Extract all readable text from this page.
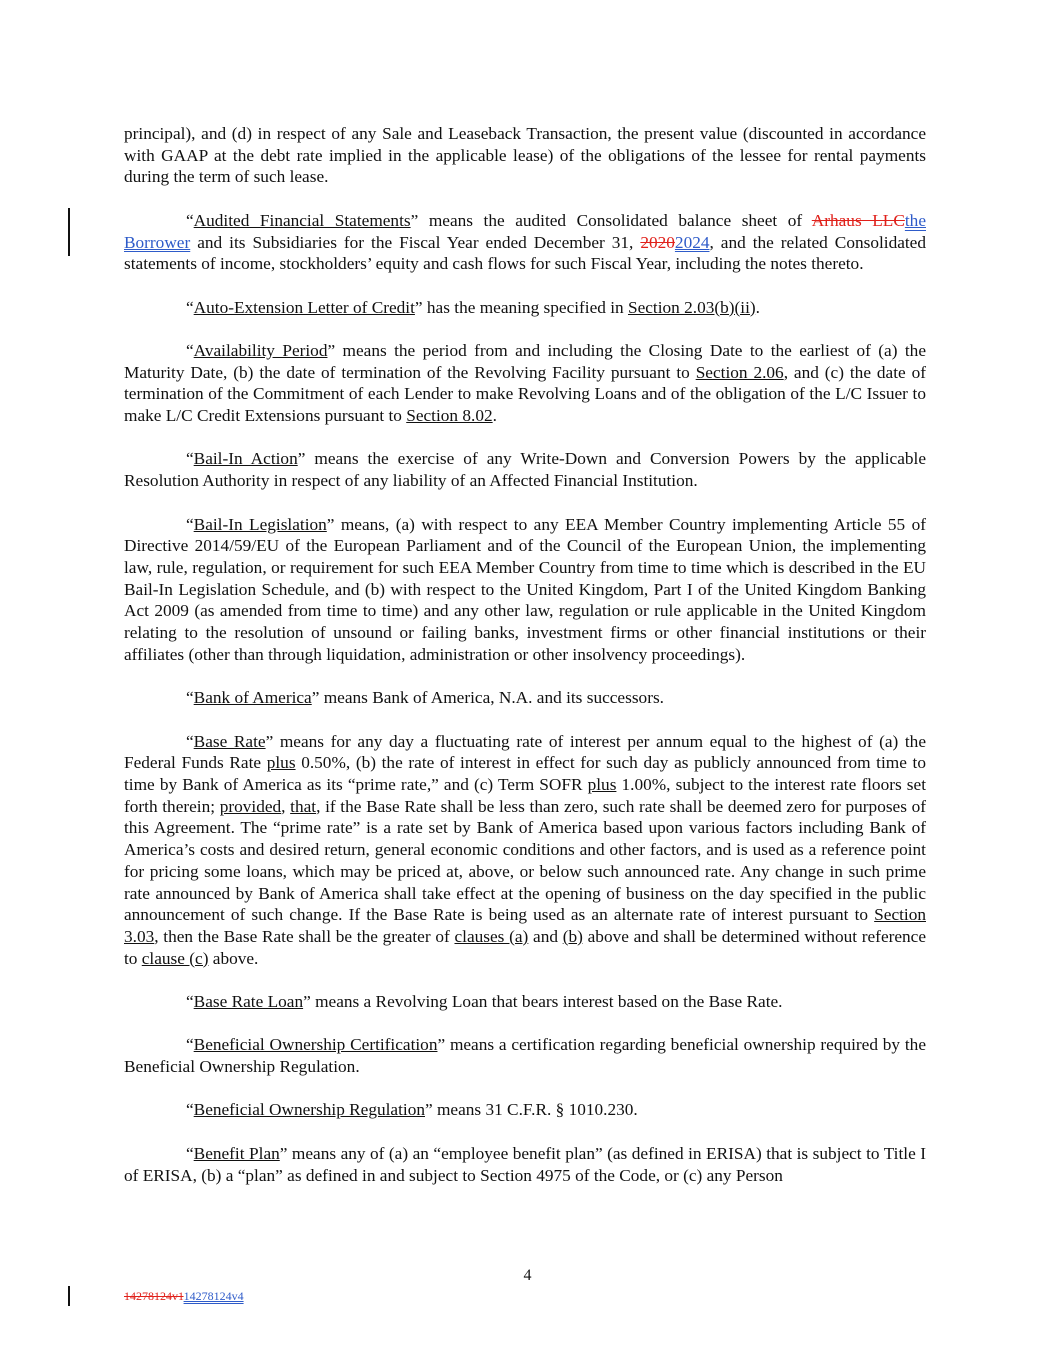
principal), and (d) in respect of any Sale and Leaseback Transaction, the present value (discounted in accordance with GAAP at the debt rate implied in the applicable lease) of the obligations of the lessee for rental payments during the term of such lease.

“Audited Financial Statements” means the audited Consolidated balance sheet of Arhaus LLCthe Borrower and its Subsidiaries for the Fiscal Year ended December 31, 20202024, and the related Consolidated statements of income, stockholders’ equity and cash flows for such Fiscal Year, including the notes thereto.

“Auto-Extension Letter of Credit” has the meaning specified in Section 2.03(b)(ii).

“Availability Period” means the period from and including the Closing Date to the earliest of (a) the Maturity Date, (b) the date of termination of the Revolving Facility pursuant to Section 2.06, and (c) the date of termination of the Commitment of each Lender to make Revolving Loans and of the obligation of the L/C Issuer to make L/C Credit Extensions pursuant to Section 8.02.

“Bail-In Action” means the exercise of any Write-Down and Conversion Powers by the applicable Resolution Authority in respect of any liability of an Affected Financial Institution.

“Bail-In Legislation” means, (a) with respect to any EEA Member Country implementing Article 55 of Directive 2014/59/EU of the European Parliament and of the Council of the European Union, the implementing law, rule, regulation, or requirement for such EEA Member Country from time to time which is described in the EU Bail-In Legislation Schedule, and (b) with respect to the United Kingdom, Part I of the United Kingdom Banking Act 2009 (as amended from time to time) and any other law, regulation or rule applicable in the United Kingdom relating to the resolution of unsound or failing banks, investment firms or other financial institutions or their affiliates (other than through liquidation, administration or other insolvency proceedings).

“Bank of America” means Bank of America, N.A. and its successors.

“Base Rate” means for any day a fluctuating rate of interest per annum equal to the highest of (a) the Federal Funds Rate plus 0.50%, (b) the rate of interest in effect for such day as publicly announced from time to time by Bank of America as its “prime rate,” and (c) Term SOFR plus 1.00%, subject to the interest rate floors set forth therein; provided, that, if the Base Rate shall be less than zero, such rate shall be deemed zero for purposes of this Agreement. The “prime rate” is a rate set by Bank of America based upon various factors including Bank of America’s costs and desired return, general economic conditions and other factors, and is used as a reference point for pricing some loans, which may be priced at, above, or below such announced rate. Any change in such prime rate announced by Bank of America shall take effect at the opening of business on the day specified in the public announcement of such change. If the Base Rate is being used as an alternate rate of interest pursuant to Section 3.03, then the Base Rate shall be the greater of clauses (a) and (b) above and shall be determined without reference to clause (c) above.

“Base Rate Loan” means a Revolving Loan that bears interest based on the Base Rate.

“Beneficial Ownership Certification” means a certification regarding beneficial ownership required by the Beneficial Ownership Regulation.

“Beneficial Ownership Regulation” means 31 C.F.R. § 1010.230.

“Benefit Plan” means any of (a) an “employee benefit plan” (as defined in ERISA) that is subject to Title I of ERISA, (b) a “plan” as defined in and subject to Section 4975 of the Code, or (c) any Person

4
14278124v114278124v4
